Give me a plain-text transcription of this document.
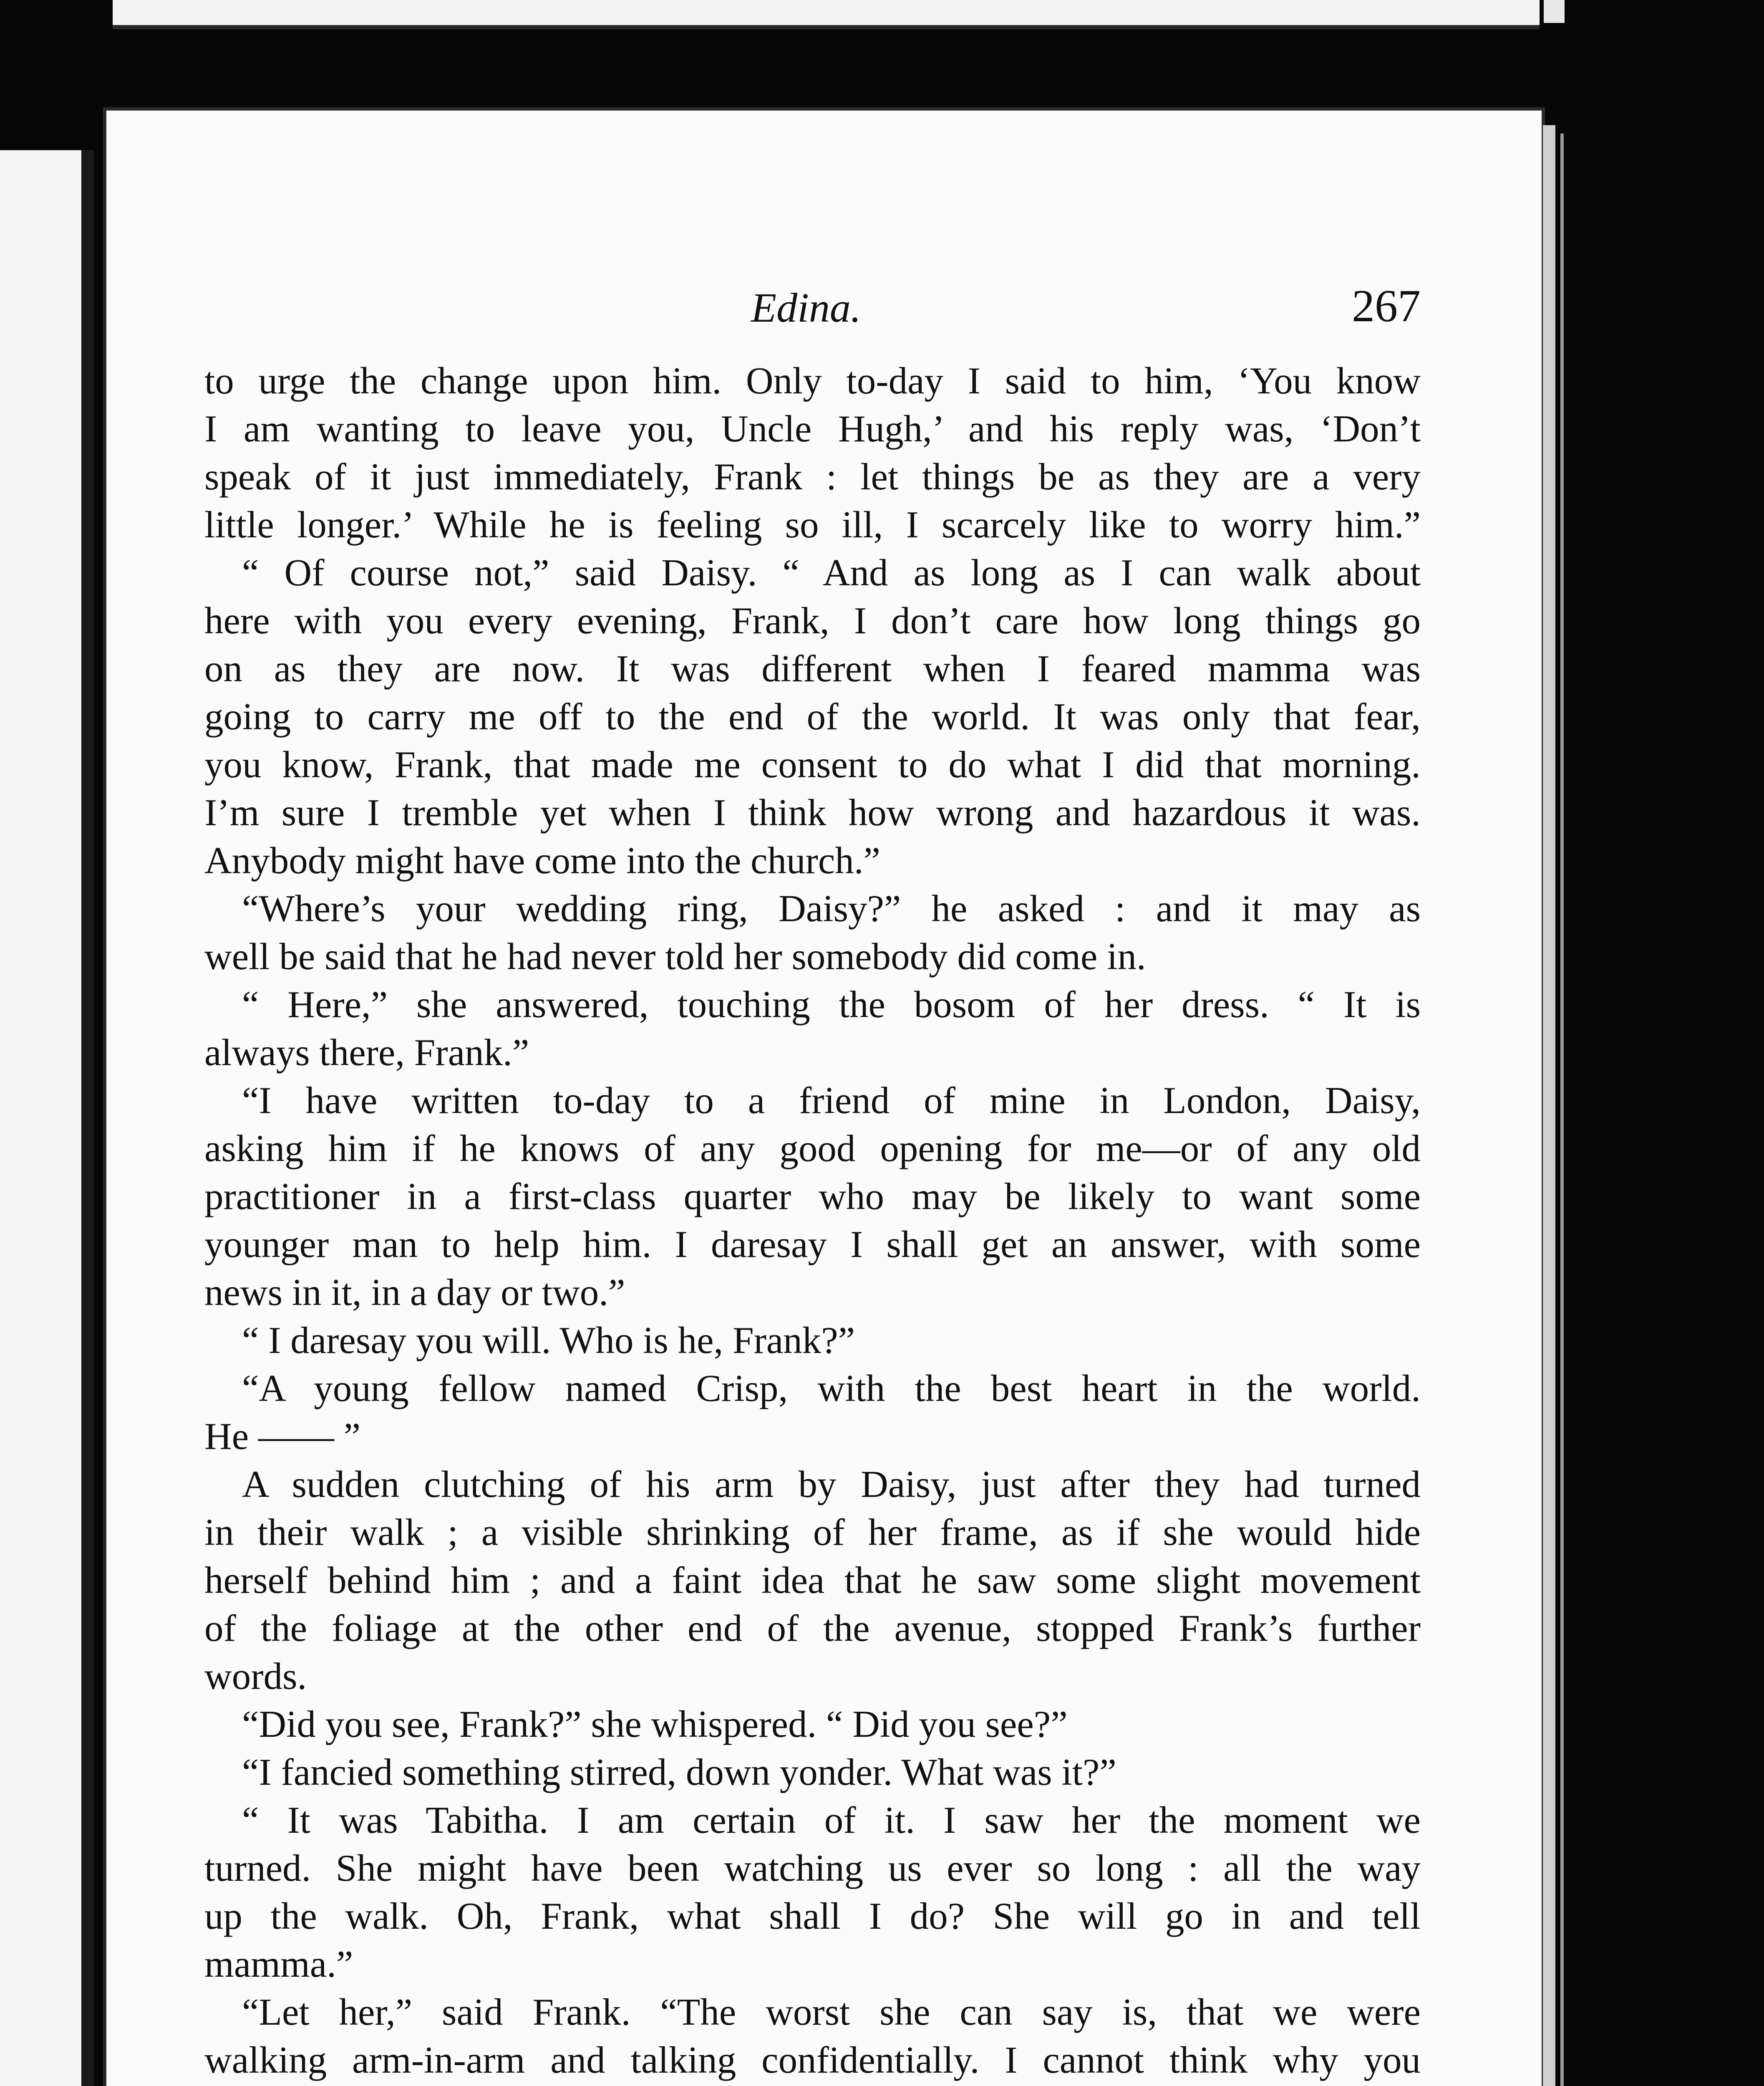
Edina.	267
to urge the change upon him. Only to-day I said to him, ‘You know
I am wanting to leave you, Uncle Hugh,’ and his reply was, ‘Don’t
speak of it just immediately, Frank : let things be as they are a very
little longer.’ While he is feeling so ill, I scarcely like to worry him.”
“ Of course not,” said Daisy. “ And as long as I can walk about
here with you every evening, Frank, I don’t care how long things go
on as they are now. It was different when I feared mamma was
going to carry me off to the end of the world. It was only that fear,
you know, Frank, that made me consent to do what I did that morning.
I’m sure I tremble yet when I think how wrong and hazardous it was.
Anybody might have come into the church.”
“Where’s your wedding ring, Daisy?” he asked : and it may as
well be said that he had never told her somebody did come in.
“ Here,” she answered, touching the bosom of her dress. “ It is
always there, Frank.”
“I have written to-day to a friend of mine in London, Daisy,
asking him if he knows of any good opening for me—or of any old
practitioner in a first-class quarter who may be likely to want some
younger man to help him. I daresay I shall get an answer, with some
news in it, in a day or two.”
“ I daresay you will. Who is he, Frank?”
“A young fellow named Crisp, with the best heart in the world.
He —— ”
A sudden clutching of his arm by Daisy, just after they had turned
in their walk ; a visible shrinking of her frame, as if she would hide
herself behind him ; and a faint idea that he saw some slight movement
of the foliage at the other end of the avenue, stopped Frank’s further
words.
“Did you see, Frank?” she whispered. “ Did you see?”
“I fancied something stirred, down yonder. What was it?”
“ It was Tabitha. I am certain of it. I saw her the moment we
turned. She might have been watching us ever so long : all the way
up the walk. Oh, Frank, what shall I do? She will go in and tell
mamma.”
“Let her,” said Frank. “The worst she can say is, that we were
walking arm-in-arm and talking confidentially. I cannot think why you
